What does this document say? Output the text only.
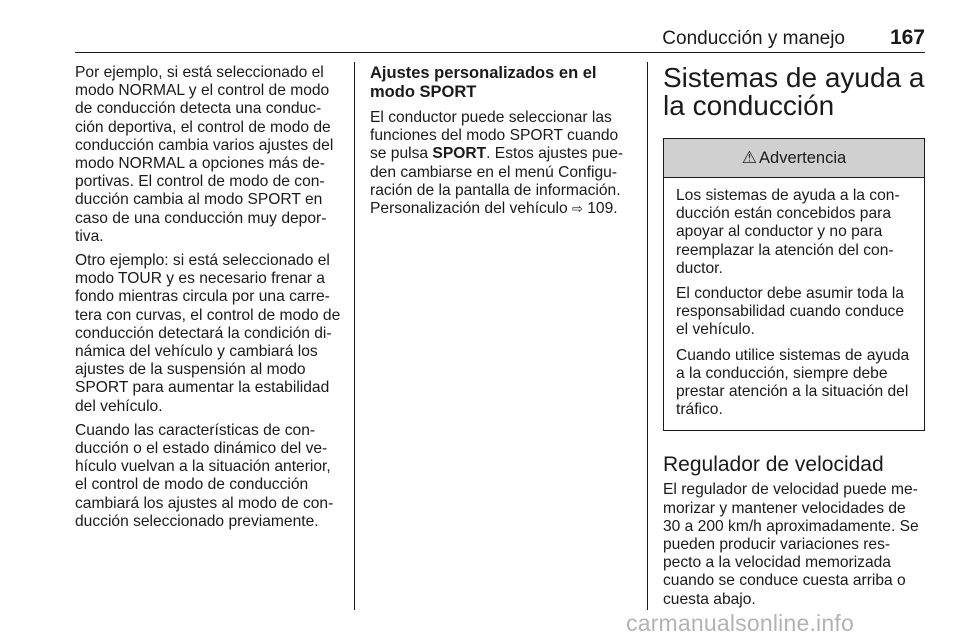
Conducción y manejo 167

Por ejemplo, si está seleccionado el modo NORMAL y el control de modo de conducción detecta una conduc-ción deportiva, el control de modo de conducción cambia varios ajustes del modo NORMAL a opciones más de-portivas. El control de modo de con-ducción cambia al modo SPORT en caso de una conducción muy depor-tiva.

Otro ejemplo: si está seleccionado el modo TOUR y es necesario frenar a fondo mientras circula por una carre-tera con curvas, el control de modo de conducción detectará la condición di-námica del vehículo y cambiará los ajustes de la suspensión al modo SPORT para aumentar la estabilidad del vehículo.

Cuando las características de con-ducción o el estado dinámico del ve-hículo vuelvan a la situación anterior, el control de modo de conducción cambiará los ajustes al modo de con-ducción seleccionado previamente.

Ajustes personalizados en el modo SPORT

El conductor puede seleccionar las funciones del modo SPORT cuando se pulsa SPORT. Estos ajustes pue-den cambiarse en el menú Configu-ración de la pantalla de información. Personalización del vehículo ⇨ 109.

Sistemas de ayuda a la conducción
⚠ Advertencia

Los sistemas de ayuda a la con-ducción están concebidos para apoyar al conductor y no para reemplazar la atención del con-ductor.

El conductor debe asumir toda la responsabilidad cuando conduce el vehículo.

Cuando utilice sistemas de ayuda a la conducción, siempre debe prestar atención a la situación del tráfico.

Regulador de velocidad

El regulador de velocidad puede me-morizar y mantener velocidades de 30 a 200 km/h aproximadamente. Se pueden producir variaciones res-pecto a la velocidad memorizada cuando se conduce cuesta arriba o cuesta abajo.

carmanualsonline.info
